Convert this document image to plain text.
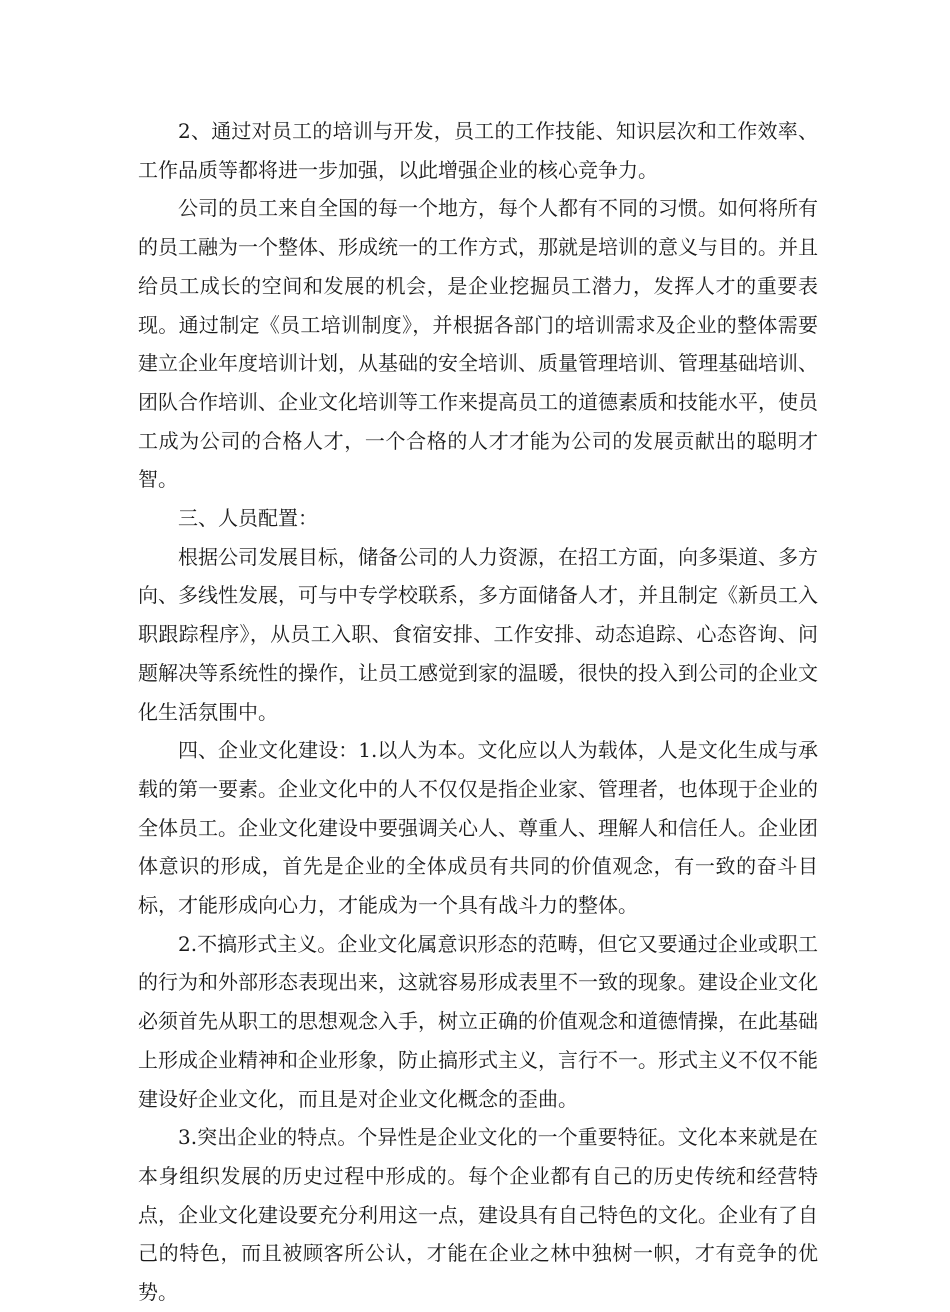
2、通过对员工的培训与开发，员工的工作技能、知识层次和工作效率、工作品质等都将进一步加强，以此增强企业的核心竞争力。

公司的员工来自全国的每一个地方，每个人都有不同的习惯。如何将所有的员工融为一个整体、形成统一的工作方式，那就是培训的意义与目的。并且给员工成长的空间和发展的机会，是企业挖掘员工潜力，发挥人才的重要表现。通过制定《员工培训制度》，并根据各部门的培训需求及企业的整体需要建立企业年度培训计划，从基础的安全培训、质量管理培训、管理基础培训、团队合作培训、企业文化培训等工作来提高员工的道德素质和技能水平，使员工成为公司的合格人才，一个合格的人才才能为公司的发展贡献出的聪明才智。

三、人员配置：

根据公司发展目标，储备公司的人力资源，在招工方面，向多渠道、多方向、多线性发展，可与中专学校联系，多方面储备人才，并且制定《新员工入职跟踪程序》，从员工入职、食宿安排、工作安排、动态追踪、心态咨询、问题解决等系统性的操作，让员工感觉到家的温暖，很快的投入到公司的企业文化生活氛围中。

四、企业文化建设：1.以人为本。文化应以人为载体，人是文化生成与承载的第一要素。企业文化中的人不仅仅是指企业家、管理者，也体现于企业的全体员工。企业文化建设中要强调关心人、尊重人、理解人和信任人。企业团体意识的形成，首先是企业的全体成员有共同的价值观念，有一致的奋斗目标，才能形成向心力，才能成为一个具有战斗力的整体。

2.不搞形式主义。企业文化属意识形态的范畴，但它又要通过企业或职工的行为和外部形态表现出来，这就容易形成表里不一致的现象。建设企业文化必须首先从职工的思想观念入手，树立正确的价值观念和道德情操，在此基础上形成企业精神和企业形象，防止搞形式主义，言行不一。形式主义不仅不能建设好企业文化，而且是对企业文化概念的歪曲。

3.突出企业的特点。个异性是企业文化的一个重要特征。文化本来就是在本身组织发展的历史过程中形成的。每个企业都有自己的历史传统和经营特点，企业文化建设要充分利用这一点，建设具有自己特色的文化。企业有了自己的特色，而且被顾客所公认，才能在企业之林中独树一帜，才有竞争的优势。
